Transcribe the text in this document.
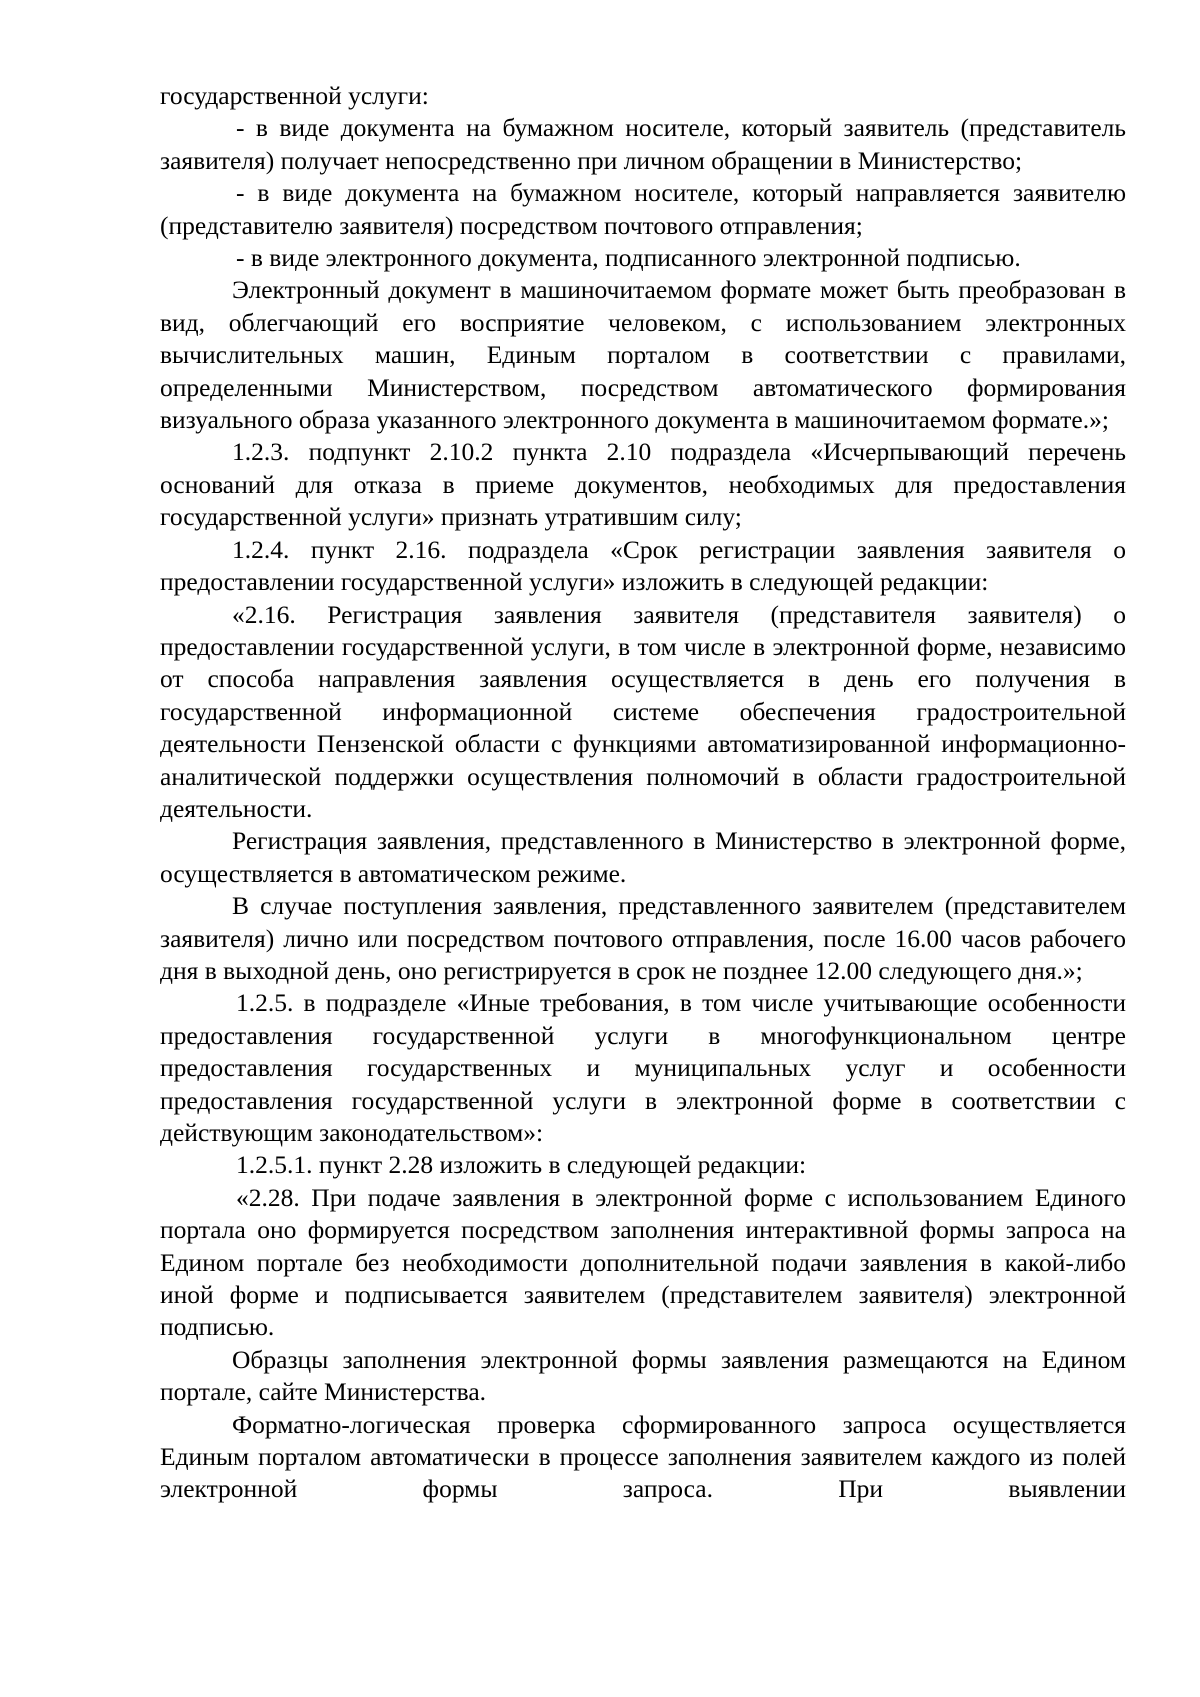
государственной услуги:

- в виде документа на бумажном носителе, который заявитель (представитель заявителя) получает непосредственно при личном обращении в Министерство;

- в виде документа на бумажном носителе, который направляется заявителю (представителю заявителя) посредством почтового отправления;

- в виде электронного документа, подписанного электронной подписью.

Электронный документ в машиночитаемом формате может быть преобразован в вид, облегчающий его восприятие человеком, с использованием электронных вычислительных машин, Единым порталом в соответствии с правилами, определенными Министерством, посредством автоматического формирования визуального образа указанного электронного документа в машиночитаемом формате.»;

1.2.3. подпункт 2.10.2 пункта 2.10 подраздела «Исчерпывающий перечень оснований для отказа в приеме документов, необходимых для предоставления государственной услуги» признать утратившим силу;

1.2.4. пункт 2.16. подраздела «Срок регистрации заявления заявителя о предоставлении государственной услуги» изложить в следующей редакции:

«2.16. Регистрация заявления заявителя (представителя заявителя) о предоставлении государственной услуги, в том числе в электронной форме, независимо от способа направления заявления осуществляется в день его получения в государственной информационной системе обеспечения градостроительной деятельности Пензенской области с функциями автоматизированной информационно-аналитической поддержки осуществления полномочий в области градостроительной деятельности.

Регистрация заявления, представленного в Министерство в электронной форме, осуществляется в автоматическом режиме.

В случае поступления заявления, представленного заявителем (представителем заявителя) лично или посредством почтового отправления, после 16.00 часов рабочего дня в выходной день, оно регистрируется в срок не позднее 12.00 следующего дня.»;

1.2.5. в подразделе «Иные требования, в том числе учитывающие особенности предоставления государственной услуги в многофункциональном центре предоставления государственных и муниципальных услуг и особенности предоставления государственной услуги в электронной форме в соответствии с действующим законодательством»:

1.2.5.1. пункт 2.28 изложить в следующей редакции:

«2.28. При подаче заявления в электронной форме с использованием Единого портала оно формируется посредством заполнения интерактивной формы запроса на Едином портале без необходимости дополнительной подачи заявления в какой-либо иной форме и подписывается заявителем (представителем заявителя) электронной подписью.

Образцы заполнения электронной формы заявления размещаются на Едином портале, сайте Министерства.

Форматно-логическая проверка сформированного запроса осуществляется Единым порталом автоматически в процессе заполнения заявителем каждого из полей электронной формы запроса. При выявлении
